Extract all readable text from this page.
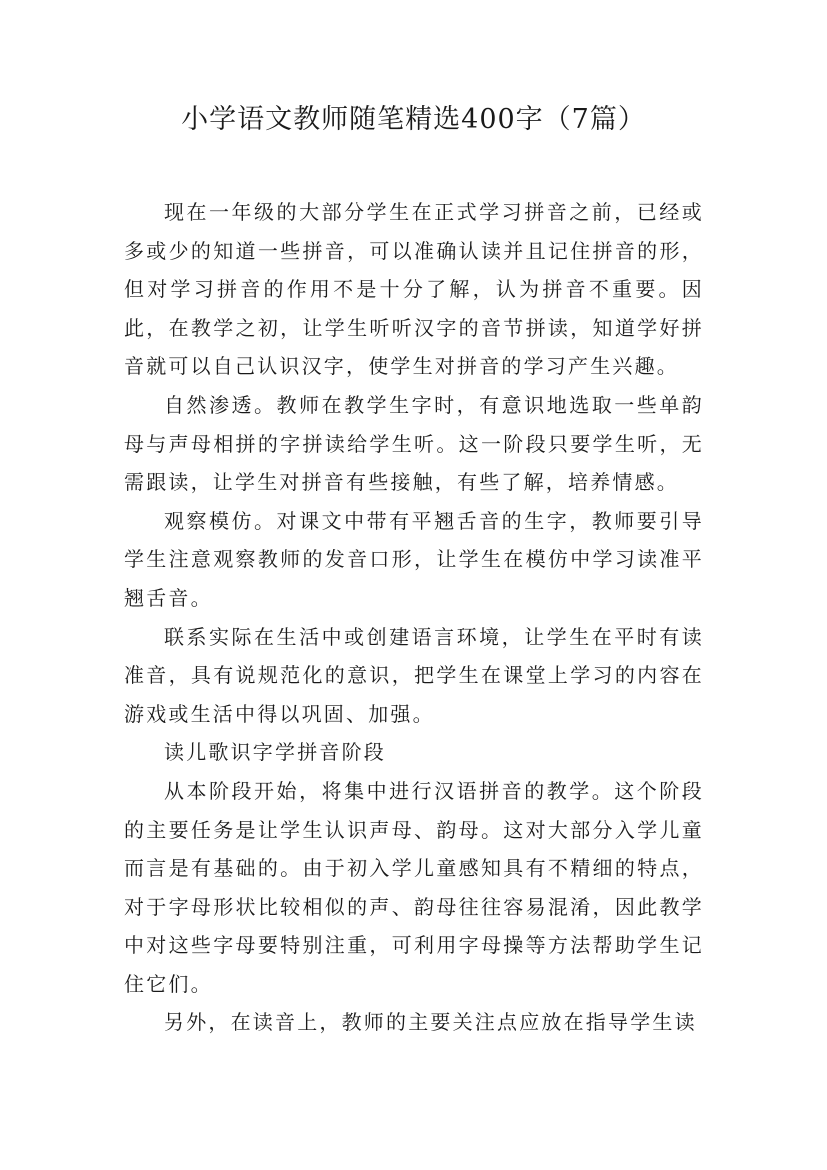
小学语文教师随笔精选400字（7篇）

现在一年级的大部分学生在正式学习拼音之前，已经或多或少的知道一些拼音，可以准确认读并且记住拼音的形，但对学习拼音的作用不是十分了解，认为拼音不重要。因此，在教学之初，让学生听听汉字的音节拼读，知道学好拼音就可以自己认识汉字，使学生对拼音的学习产生兴趣。

自然渗透。教师在教学生字时，有意识地选取一些单韵母与声母相拼的字拼读给学生听。这一阶段只要学生听，无需跟读，让学生对拼音有些接触，有些了解，培养情感。

观察模仿。对课文中带有平翘舌音的生字，教师要引导学生注意观察教师的发音口形，让学生在模仿中学习读准平翘舌音。

联系实际在生活中或创建语言环境，让学生在平时有读准音，具有说规范化的意识，把学生在课堂上学习的内容在游戏或生活中得以巩固、加强。

读儿歌识字学拼音阶段

从本阶段开始，将集中进行汉语拼音的教学。这个阶段的主要任务是让学生认识声母、韵母。这对大部分入学儿童而言是有基础的。由于初入学儿童感知具有不精细的特点，对于字母形状比较相似的声、韵母往往容易混淆，因此教学中对这些字母要特别注重，可利用字母操等方法帮助学生记住它们。

另外，在读音上，教师的主要关注点应放在指导学生读
